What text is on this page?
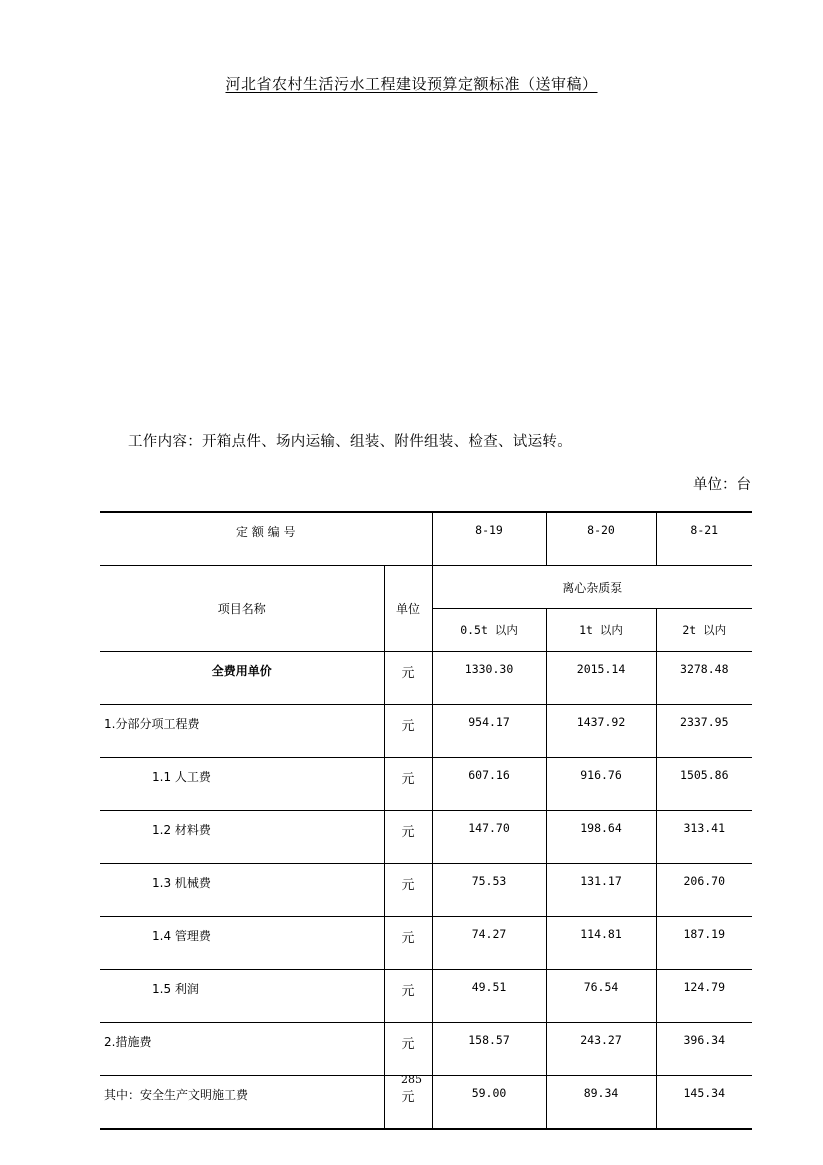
河北省农村生活污水工程建设预算定额标准（送审稿）
工作内容：开箱点件、场内运输、组装、附件组装、检查、试运转。
单位：台
定 额 编 号		8-19	8-20	8-21
项目名称	单位	离心杂质泵		
		0.5t 以内	1t 以内	2t 以内
全费用单价	元	1330.30	2015.14	3278.48
1.分部分项工程费	元	954.17	1437.92	2337.95
1.1 人工费	元	607.16	916.76	1505.86
1.2 材料费	元	147.70	198.64	313.41
1.3 机械费	元	75.53	131.17	206.70
1.4 管理费	元	74.27	114.81	187.19
1.5 利润	元	49.51	76.54	124.79
2.措施费	元	158.57	243.27	396.34
其中：安全生产文明施工费	元	59.00	89.34	145.34
285
